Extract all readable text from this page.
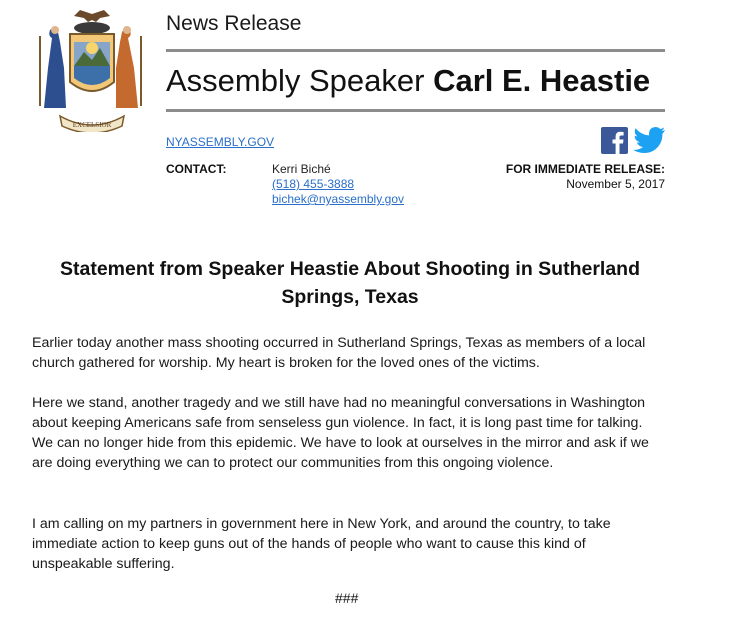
EXCELSIOR
News Release
Assembly Speaker Carl E. Heastie
NYASSEMBLY.GOV
CONTACT:	Kerri Biché
(518) 455-3888
bichek@nyassembly.gov
FOR IMMEDIATE RELEASE:
November 5, 2017
Statement from Speaker Heastie About Shooting in Sutherland Springs, Texas
Earlier today another mass shooting occurred in Sutherland Springs, Texas as members of a local church gathered for worship. My heart is broken for the loved ones of the victims.
Here we stand, another tragedy and we still have had no meaningful conversations in Washington about keeping Americans safe from senseless gun violence. In fact, it is long past time for talking. We can no longer hide from this epidemic. We have to look at ourselves in the mirror and ask if we are doing everything we can to protect our communities from this ongoing violence.
I am calling on my partners in government here in New York, and around the country, to take immediate action to keep guns out of the hands of people who want to cause this kind of unspeakable suffering.
###
